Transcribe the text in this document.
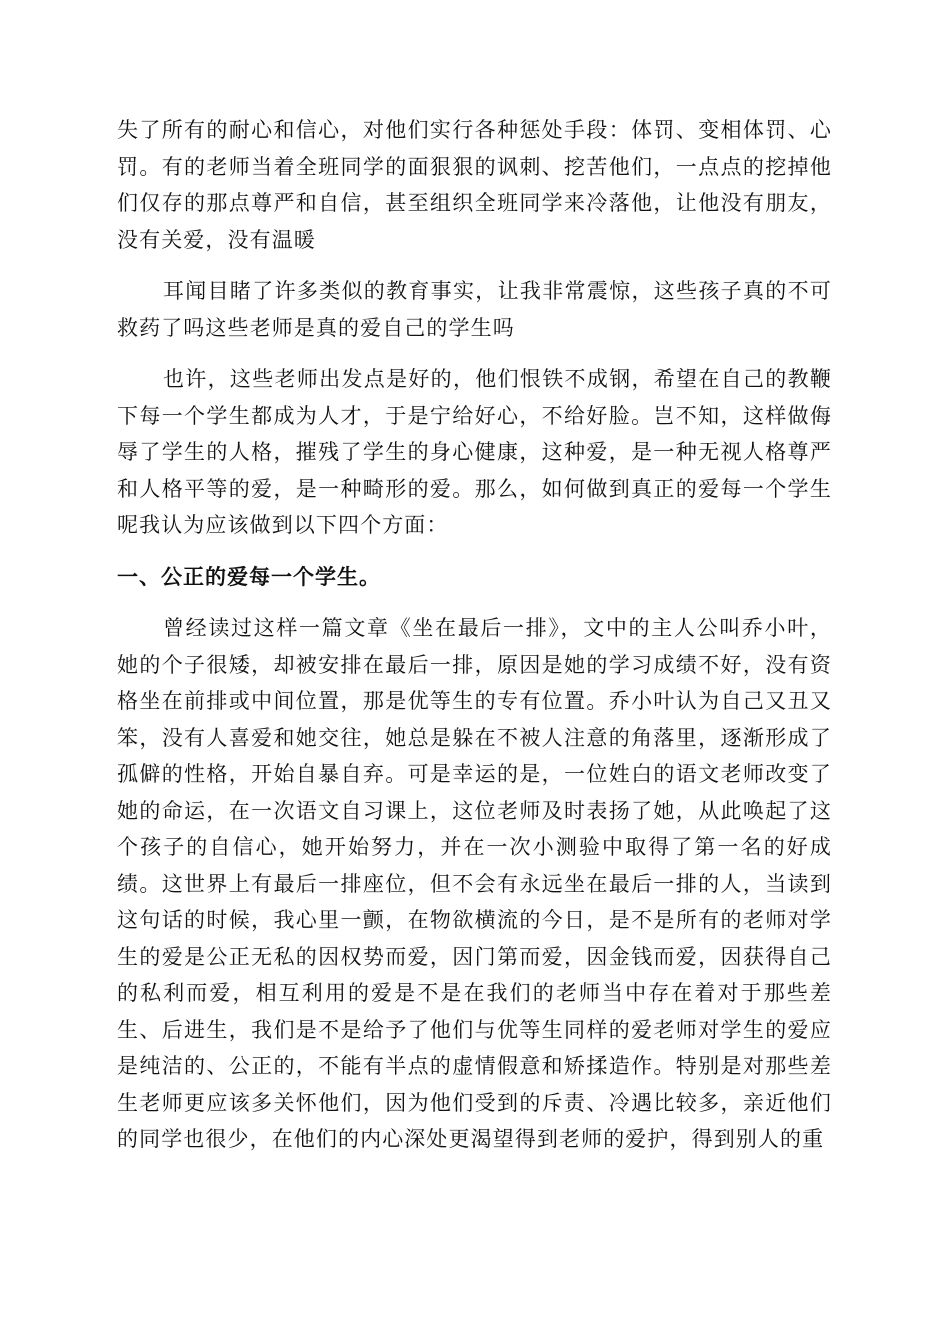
失了所有的耐心和信心，对他们实行各种惩处手段：体罚、变相体罚、心罚。有的老师当着全班同学的面狠狠的讽刺、挖苦他们，一点点的挖掉他们仅存的那点尊严和自信，甚至组织全班同学来冷落他，让他没有朋友，没有关爱，没有温暖

耳闻目睹了许多类似的教育事实，让我非常震惊，这些孩子真的不可救药了吗这些老师是真的爱自己的学生吗

也许，这些老师出发点是好的，他们恨铁不成钢，希望在自己的教鞭下每一个学生都成为人才，于是宁给好心，不给好脸。岂不知，这样做侮辱了学生的人格，摧残了学生的身心健康，这种爱，是一种无视人格尊严和人格平等的爱，是一种畸形的爱。那么，如何做到真正的爱每一个学生呢我认为应该做到以下四个方面：

一、公正的爱每一个学生。

曾经读过这样一篇文章《坐在最后一排》，文中的主人公叫乔小叶，她的个子很矮，却被安排在最后一排，原因是她的学习成绩不好，没有资格坐在前排或中间位置，那是优等生的专有位置。乔小叶认为自己又丑又笨，没有人喜爱和她交往，她总是躲在不被人注意的角落里，逐渐形成了孤僻的性格，开始自暴自弃。可是幸运的是，一位姓白的语文老师改变了她的命运，在一次语文自习课上，这位老师及时表扬了她，从此唤起了这个孩子的自信心，她开始努力，并在一次小测验中取得了第一名的好成绩。这世界上有最后一排座位，但不会有永远坐在最后一排的人，当读到这句话的时候，我心里一颤，在物欲横流的今日，是不是所有的老师对学生的爱是公正无私的因权势而爱，因门第而爱，因金钱而爱，因获得自己的私利而爱，相互利用的爱是不是在我们的老师当中存在着对于那些差生、后进生，我们是不是给予了他们与优等生同样的爱老师对学生的爱应是纯洁的、公正的，不能有半点的虚情假意和矫揉造作。特别是对那些差生老师更应该多关怀他们，因为他们受到的斥责、冷遇比较多，亲近他们的同学也很少，在他们的内心深处更渴望得到老师的爱护，得到别人的重
